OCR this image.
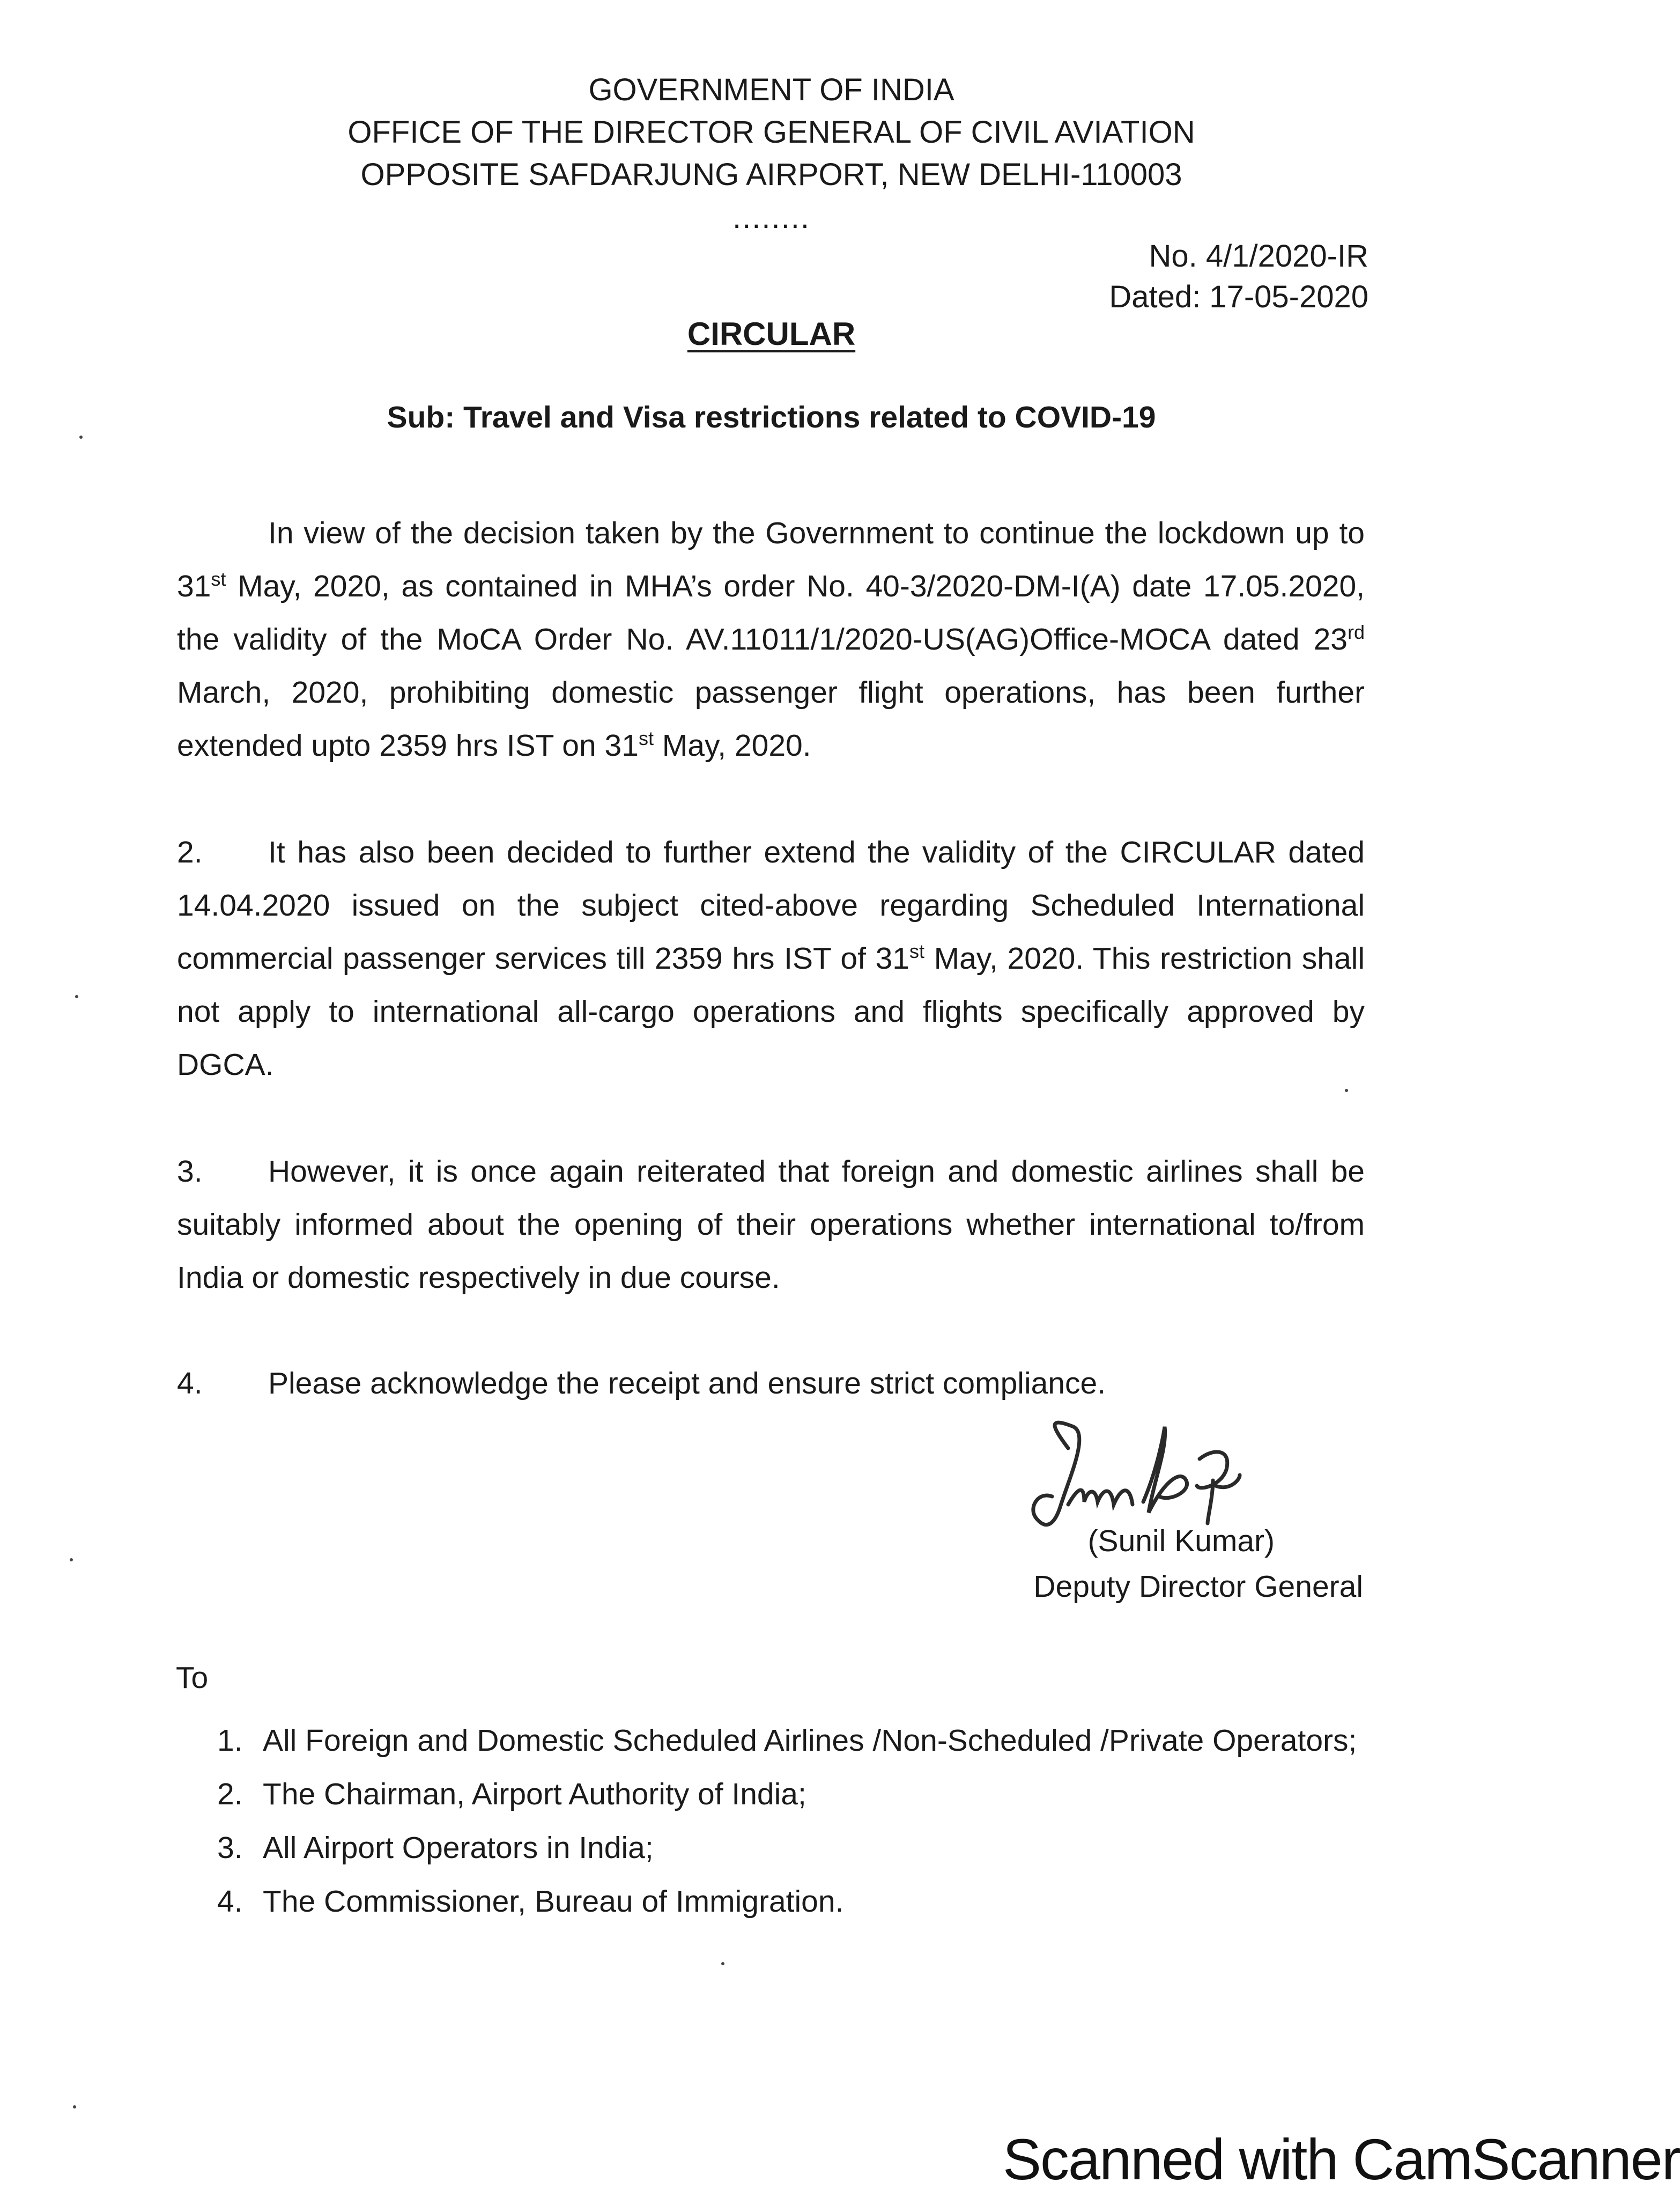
GOVERNMENT OF INDIA
OFFICE OF THE DIRECTOR GENERAL OF CIVIL AVIATION
OPPOSITE SAFDARJUNG AIRPORT, NEW DELHI-110003
........
No. 4/1/2020-IR
Dated: 17-05-2020
CIRCULAR
Sub: Travel and Visa restrictions related to COVID-19
In view of the decision taken by the Government to continue the lockdown up to 31st May, 2020, as contained in MHA’s order No. 40-3/2020-DM-I(A) date 17.05.2020, the validity of the MoCA Order No. AV.11011/1/2020-US(AG)Office-MOCA dated 23rd March, 2020, prohibiting domestic passenger flight operations, has been further extended upto 2359 hrs IST on 31st May, 2020.
2. It has also been decided to further extend the validity of the CIRCULAR dated 14.04.2020 issued on the subject cited-above regarding Scheduled International commercial passenger services till 2359 hrs IST of 31st May, 2020. This restriction shall not apply to international all-cargo operations and flights specifically approved by DGCA.
3. However, it is once again reiterated that foreign and domestic airlines shall be suitably informed about the opening of their operations whether international to/from India or domestic respectively in due course.
4. Please acknowledge the receipt and ensure strict compliance.
(Sunil Kumar)
Deputy Director General
To
1. All Foreign and Domestic Scheduled Airlines /Non-Scheduled /Private Operators;
2. The Chairman, Airport Authority of India;
3. All Airport Operators in India;
4. The Commissioner, Bureau of Immigration.
Scanned with CamScanner
